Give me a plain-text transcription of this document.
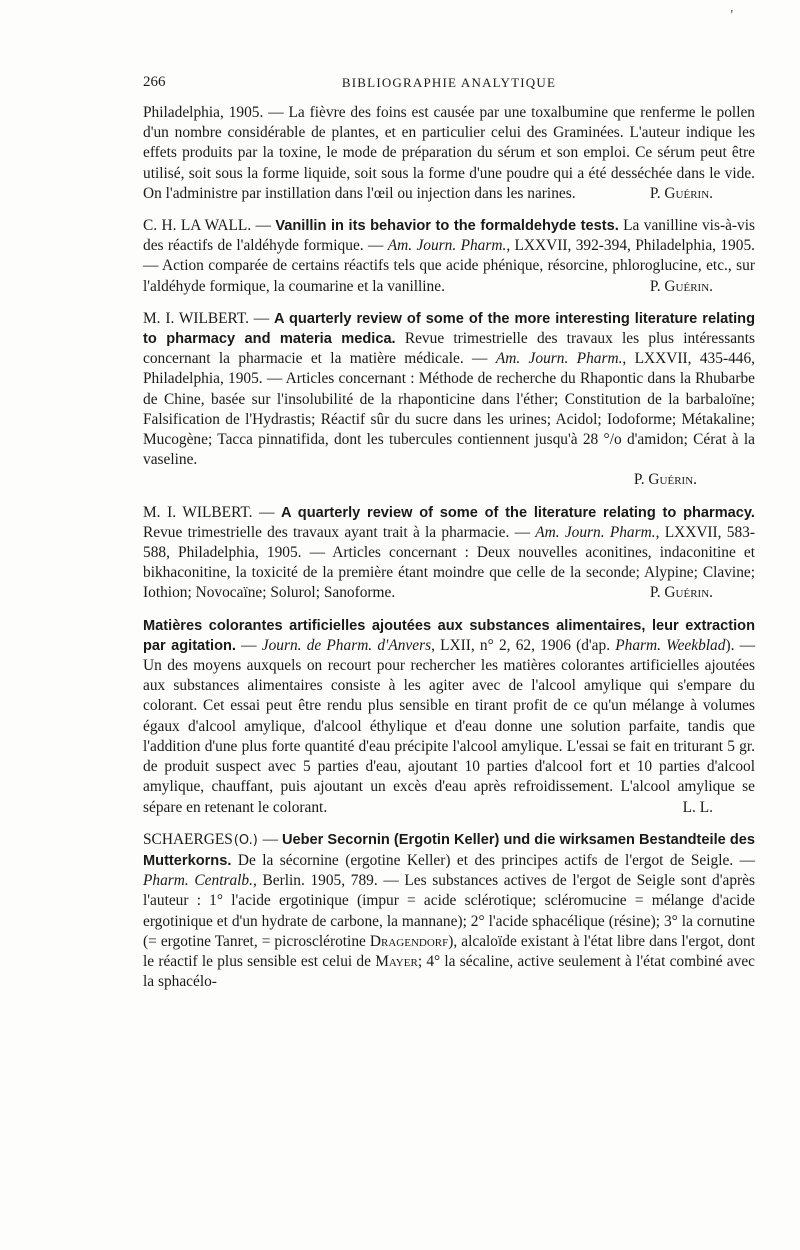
266	BIBLIOGRAPHIE ANALYTIQUE
'

Philadelphia, 1905. — La fièvre des foins est causée par une toxalbumine que renferme le pollen d'un nombre considérable de plantes, et en particulier celui des Graminées. L'auteur indique les effets produits par la toxine, le mode de préparation du sérum et son emploi. Ce sérum peut être utilisé, soit sous la forme liquide, soit sous la forme d'une poudre qui a été desséchée dans le vide. On l'administre par instillation dans l'œil ou injection dans les narines.	P. Guérin.

C. H. LA WALL. — Vanillin in its behavior to the formaldehyde tests. La vanilline vis-à-vis des réactifs de l'aldéhyde formique. — Am. Journ. Pharm., LXXVII, 392-394, Philadelphia, 1905. — Action comparée de certains réactifs tels que acide phénique, résorcine, phloroglucine, etc., sur l'aldéhyde formique, la coumarine et la vanilline.	P. Guérin.

M. I. WILBERT. — A quarterly review of some of the more interesting literature relating to pharmacy and materia medica. Revue trimestrielle des travaux les plus intéressants concernant la pharmacie et la matière médicale. — Am. Journ. Pharm., LXXVII, 435-446, Philadelphia, 1905. — Articles concernant : Méthode de recherche du Rhapontic dans la Rhubarbe de Chine, basée sur l'insolubilité de la rhaponticine dans l'éther; Constitution de la barbaloïne; Falsification de l'Hydrastis; Réactif sûr du sucre dans les urines; Acidol; Iodoforme; Métakaline; Mucogène; Tacca pinnatifida, dont les tubercules contiennent jusqu'à 28 °/o d'amidon; Cérat à la vaseline.
P. Guérin.

M. I. WILBERT. — A quarterly review of some of the literature relating to pharmacy. Revue trimestrielle des travaux ayant trait à la pharmacie. — Am. Journ. Pharm., LXXVII, 583-588, Philadelphia, 1905. — Articles concernant : Deux nouvelles aconitines, indaconitine et bikhaconitine, la toxicité de la première étant moindre que celle de la seconde; Alypine; Clavine; Iothion; Novocaïne; Solurol; Sanoforme.	P. Guérin.

Matières colorantes artificielles ajoutées aux substances alimentaires, leur extraction par agitation. — Journ. de Pharm. d'Anvers, LXII, n° 2, 62, 1906 (d'ap. Pharm. Weekblad). — Un des moyens auxquels on recourt pour rechercher les matières colorantes artificielles ajoutées aux substances alimentaires consiste à les agiter avec de l'alcool amylique qui s'empare du colorant. Cet essai peut être rendu plus sensible en tirant profit de ce qu'un mélange à volumes égaux d'alcool amylique, d'alcool éthylique et d'eau donne une solution parfaite, tandis que l'addition d'une plus forte quantité d'eau précipite l'alcool amylique. L'essai se fait en triturant 5 gr. de produit suspect avec 5 parties d'eau, ajoutant 10 parties d'alcool fort et 10 parties d'alcool amylique, chauffant, puis ajoutant un excès d'eau après refroidissement. L'alcool amylique se sépare en retenant le colorant.	L. L.

SCHAERGES(O.) — Ueber Secornin (Ergotin Keller) und die wirksamen Bestandteile des Mutterkorns. De la sécornine (ergotine Keller) et des principes actifs de l'ergot de Seigle. — Pharm. Centralb., Berlin. 1905, 789. — Les substances actives de l'ergot de Seigle sont d'après l'auteur : 1° l'acide ergotinique (impur = acide sclérotique; scléromucine = mélange d'acide ergotinique et d'un hydrate de carbone, la mannane); 2° l'acide sphacélique (résine); 3° la cornutine (= ergotine Tanret, = picrosclérotine Dragendorf), alcaloïde existant à l'état libre dans l'ergot, dont le réactif le plus sensible est celui de Mayer; 4° la sécaline, active seulement à l'état combiné avec la sphacélo-
